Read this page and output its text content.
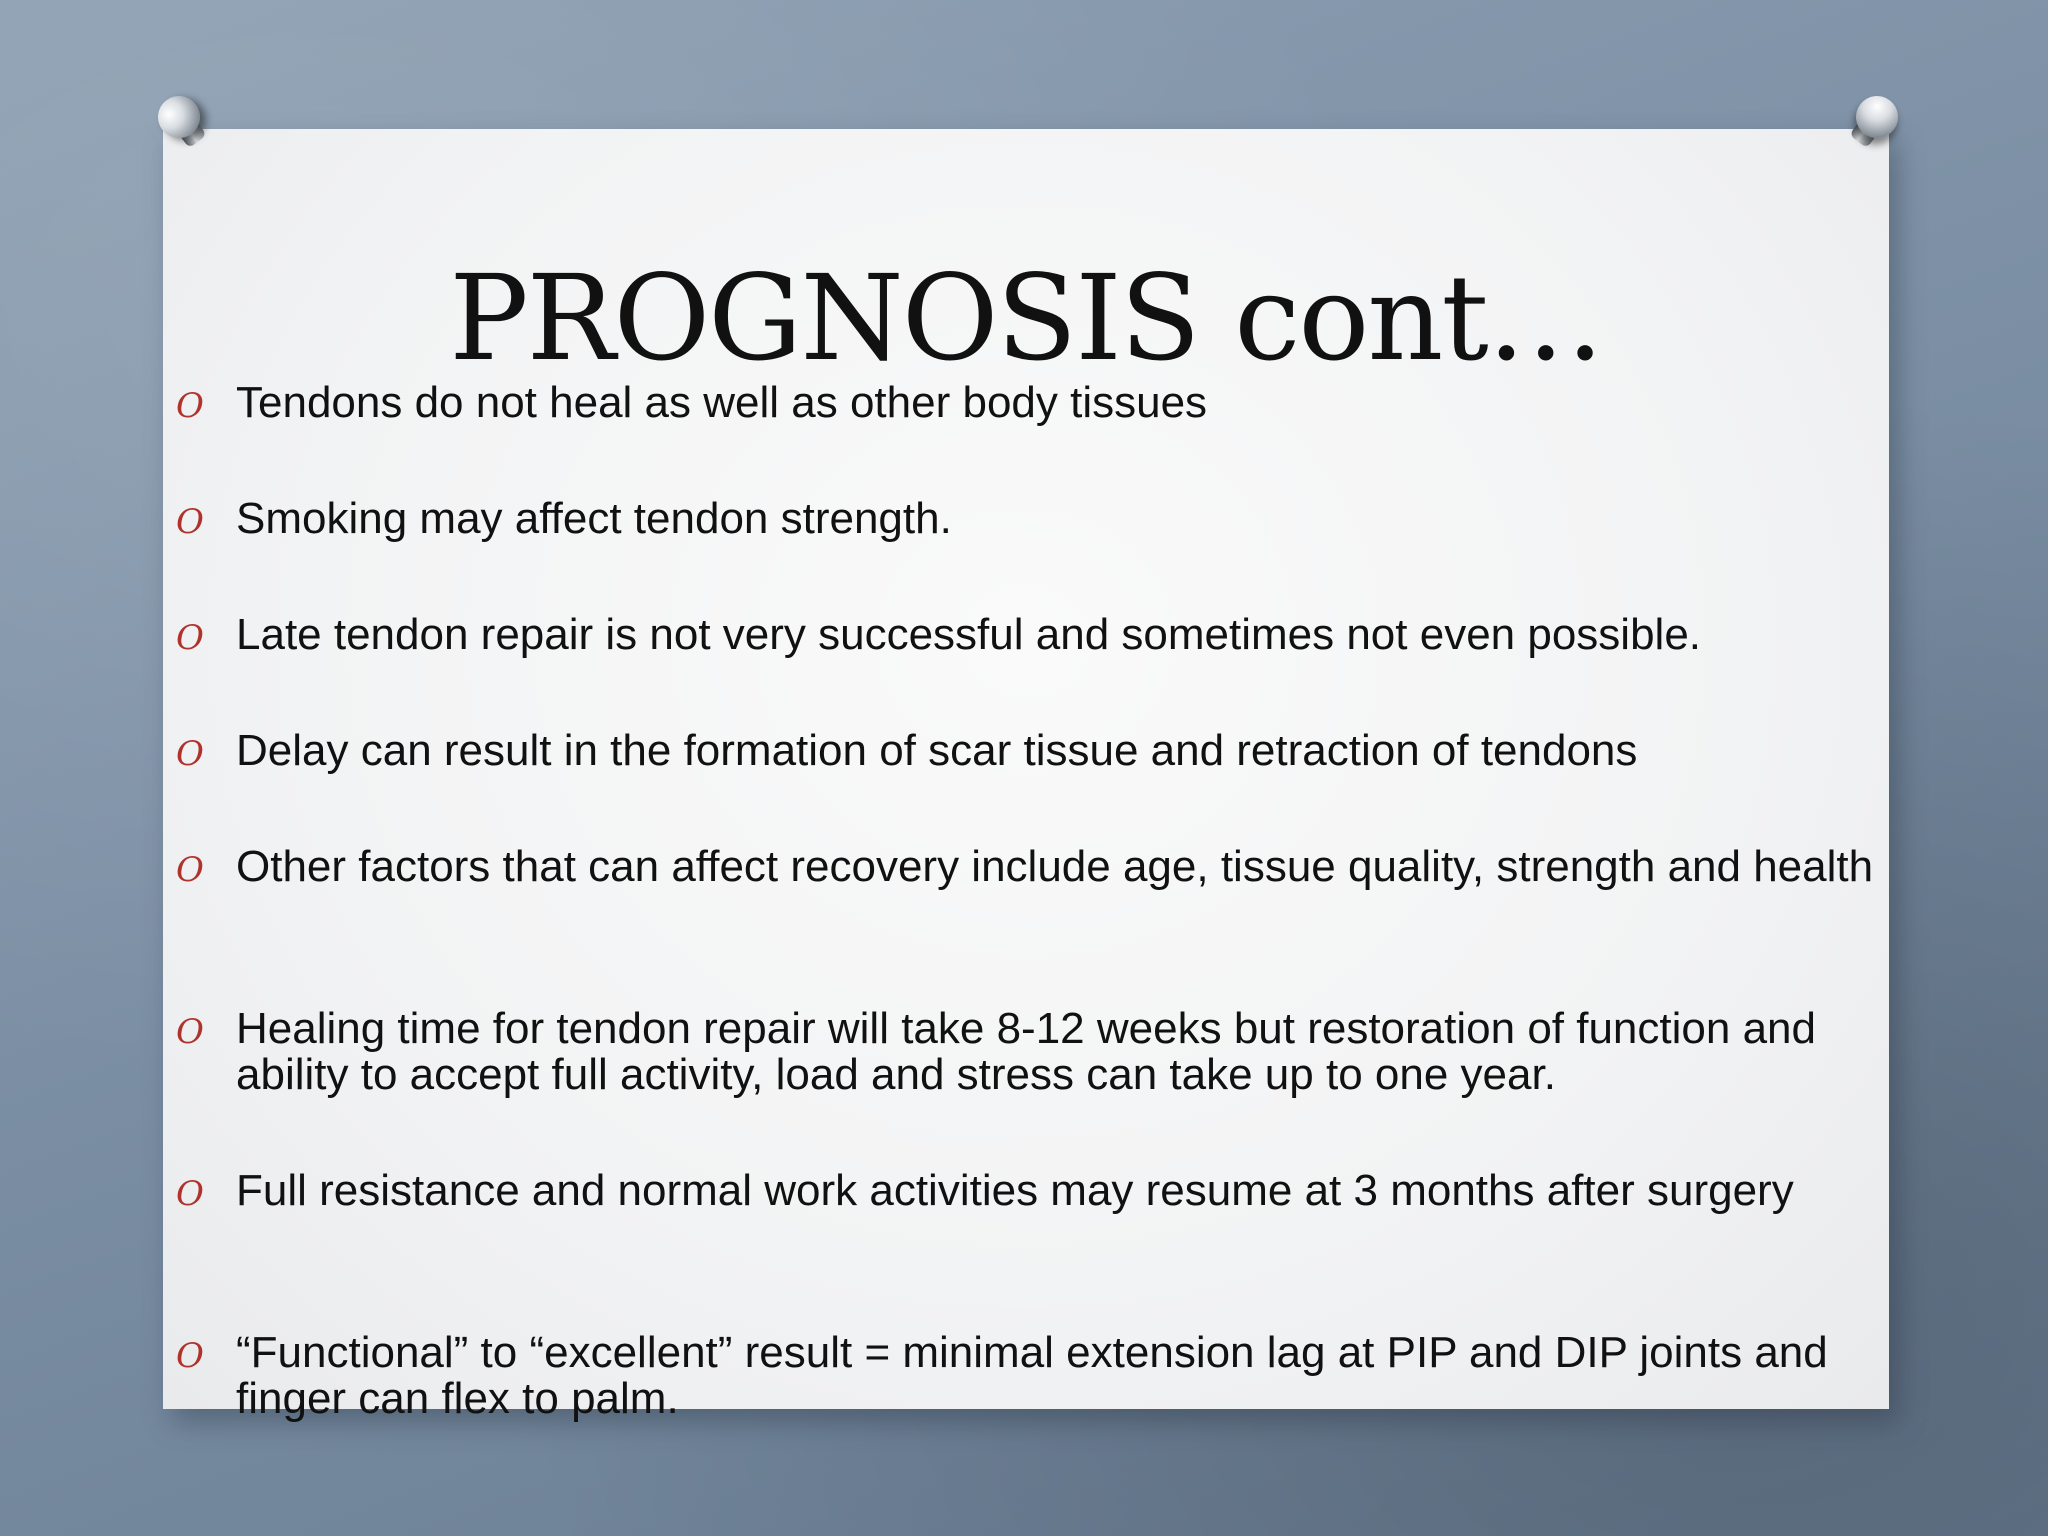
PROGNOSIS cont…
O Tendons do not heal as well as other body tissues
O Smoking may affect tendon strength.
O Late tendon repair is not very successful and sometimes not even possible.
O Delay can result in the formation of scar tissue and retraction of tendons
O Other factors that can affect recovery include age, tissue quality, strength and health
O Healing time for tendon repair will take 8-12 weeks but restoration of function and ability to accept full activity, load and stress can take up to one year.
O Full resistance and normal work activities may resume at 3 months after surgery
O “Functional” to “excellent” result = minimal extension lag at PIP and DIP joints and finger can flex to palm.
